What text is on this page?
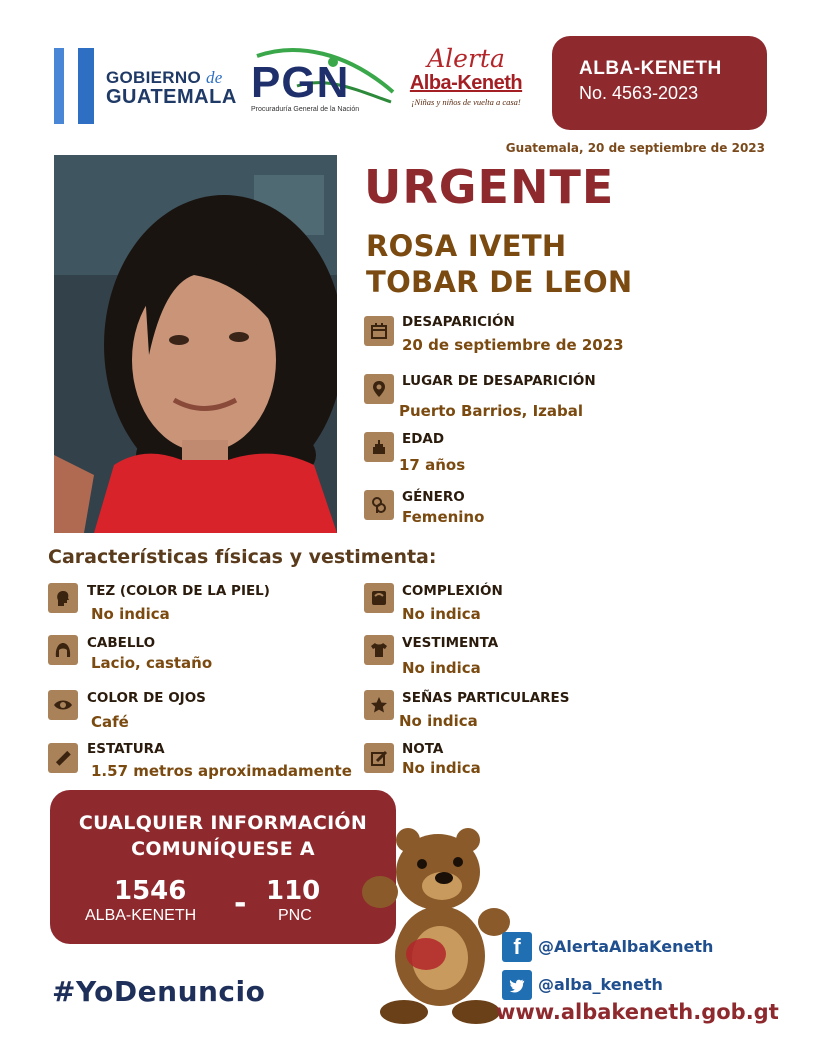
GOBIERNO de
GUATEMALA PGN
Procuraduría General de la Nación
Alerta
Alba-Keneth
¡Niñas y niños de vuelta a casa!
ALBA-KENETH
No. 4563-2023
Guatemala, 20 de septiembre de 2023
URGENTE
ROSA IVETH
TOBAR DE LEON
DESAPARICIÓN
20 de septiembre de 2023
LUGAR DE DESAPARICIÓN
Puerto Barrios, Izabal
EDAD
17 años
GÉNERO
Femenino
Características físicas y vestimenta:
TEZ (COLOR DE LA PIEL)
No indica
CABELLO
Lacio, castaño
COLOR DE OJOS
Café
ESTATURA
1.57 metros aproximadamente
COMPLEXIÓN
No indica
VESTIMENTA
No indica
SEÑAS PARTICULARES
No indica
NOTA
No indica
CUALQUIER INFORMACIÓN
COMUNÍQUESE A
1546
ALBA-KENETH - 110
PNC
#YoDenuncio
f	@AlertaAlbaKeneth
@alba_keneth
www.albakeneth.gob.gt
